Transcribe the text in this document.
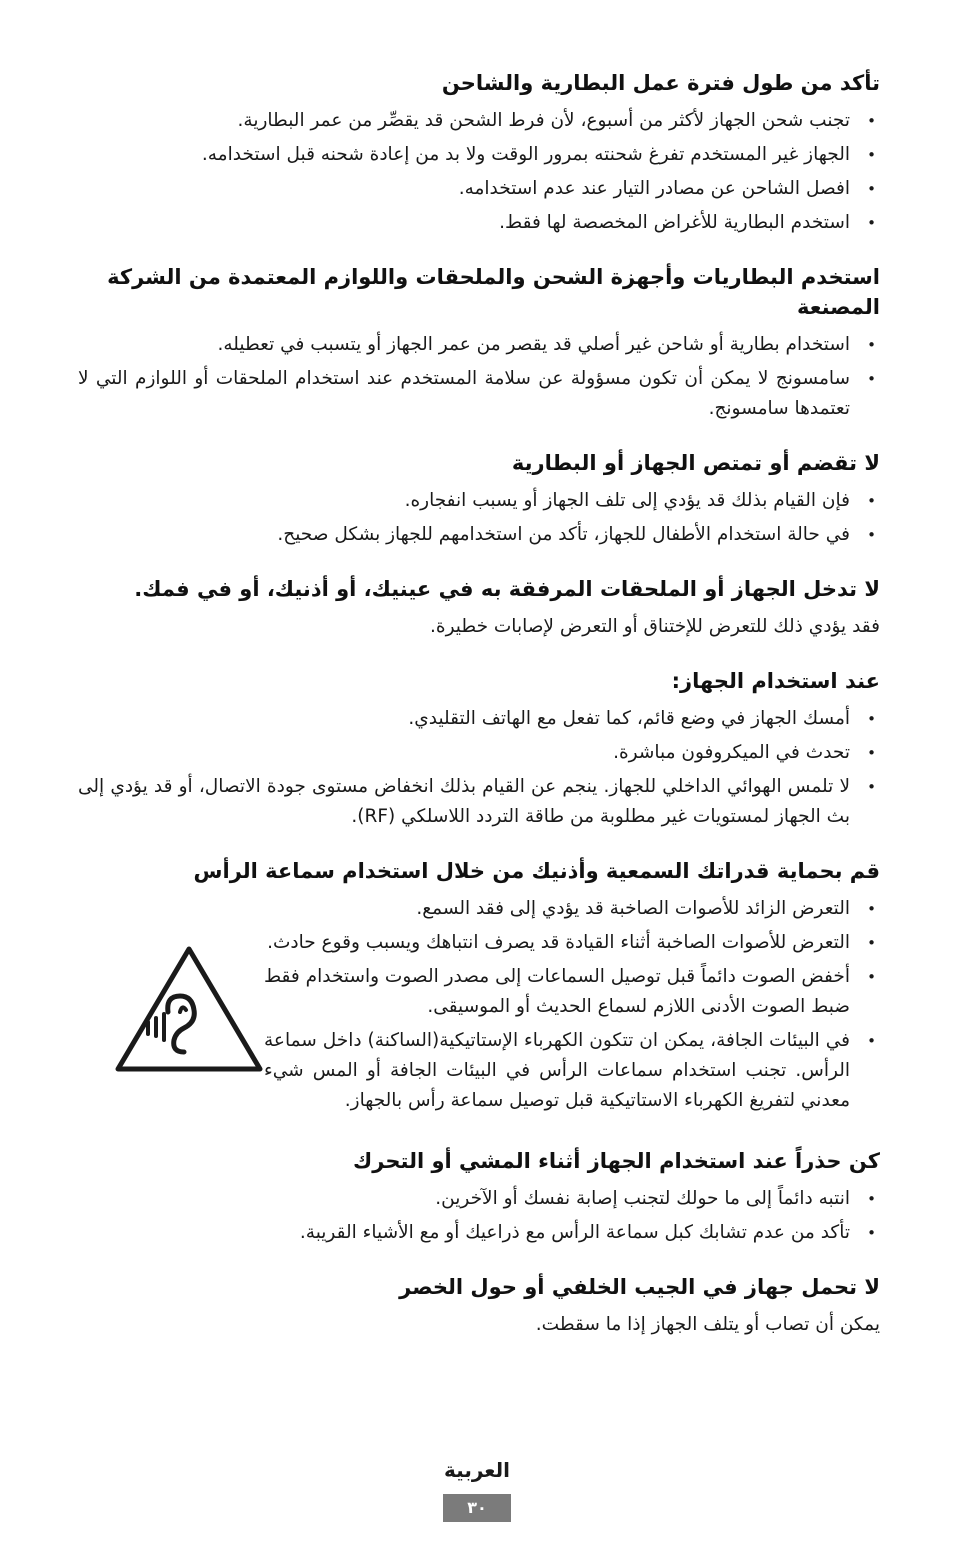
تأكد من طول فترة عمل البطارية والشاحن
• تجنب شحن الجهاز لأكثر من أسبوع، لأن فرط الشحن قد يقصِّر من عمر البطارية.
• الجهاز غير المستخدم تفرغ شحنته بمرور الوقت ولا بد من إعادة شحنه قبل استخدامه.
• افصل الشاحن عن مصادر التيار عند عدم استخدامه.
• استخدم البطارية للأغراض المخصصة لها فقط.
استخدم البطاريات وأجهزة الشحن والملحقات واللوازم المعتمدة من الشركة المصنعة
• استخدام بطارية أو شاحن غير أصلي قد يقصر من عمر الجهاز أو يتسبب في تعطيله.
• سامسونج لا يمكن أن تكون مسؤولة عن سلامة المستخدم عند استخدام الملحقات أو اللوازم التي لا تعتمدها سامسونج.
لا تقضم أو تمتص الجهاز أو البطارية
• فإن القيام بذلك قد يؤدي إلى تلف الجهاز أو يسبب انفجاره.
• في حالة استخدام الأطفال للجهاز، تأكد من استخدامهم للجهاز بشكل صحيح.
لا تدخل الجهاز أو الملحقات المرفقة به في عينيك، أو أذنيك، أو في فمك.

فقد يؤدي ذلك للتعرض للإختناق أو التعرض لإصابات خطيرة.

عند استخدام الجهاز:
• أمسك الجهاز في وضع قائم، كما تفعل مع الهاتف التقليدي.
• تحدث في الميكروفون مباشرة.
• لا تلمس الهوائي الداخلي للجهاز. ينجم عن القيام بذلك انخفاض مستوى جودة الاتصال، أو قد يؤدي إلى بث الجهاز لمستويات غير مطلوبة من طاقة التردد اللاسلكي (RF).
قم بحماية قدراتك السمعية وأذنيك من خلال استخدام سماعة الرأس
• التعرض الزائد للأصوات الصاخبة قد يؤدي إلى فقد السمع.
• التعرض للأصوات الصاخبة أثناء القيادة قد يصرف انتباهك ويسبب وقوع حادث.
• أخفض الصوت دائماً قبل توصيل السماعات إلى مصدر الصوت واستخدام فقط ضبط الصوت الأدنى اللازم لسماع الحديث أو الموسيقى.
• في البيئات الجافة، يمكن ان تتكون الكهرباء الإستاتيكية(الساكنة) داخل سماعة الرأس. تجنب استخدام سماعات الرأس في البيئات الجافة أو المس شيء معدني لتفريغ الكهرباء الاستاتيكية قبل توصيل سماعة رأس بالجهاز.
كن حذراً عند استخدام الجهاز أثناء المشي أو التحرك
• انتبه دائماً إلى ما حولك لتجنب إصابة نفسك أو الآخرين.
• تأكد من عدم تشابك كبل سماعة الرأس مع ذراعيك أو مع الأشياء القريبة.
لا تحمل جهاز في الجيب الخلفي أو حول الخصر

يمكن أن تصاب أو يتلف الجهاز إذا ما سقطت.

العربية
٣٠
